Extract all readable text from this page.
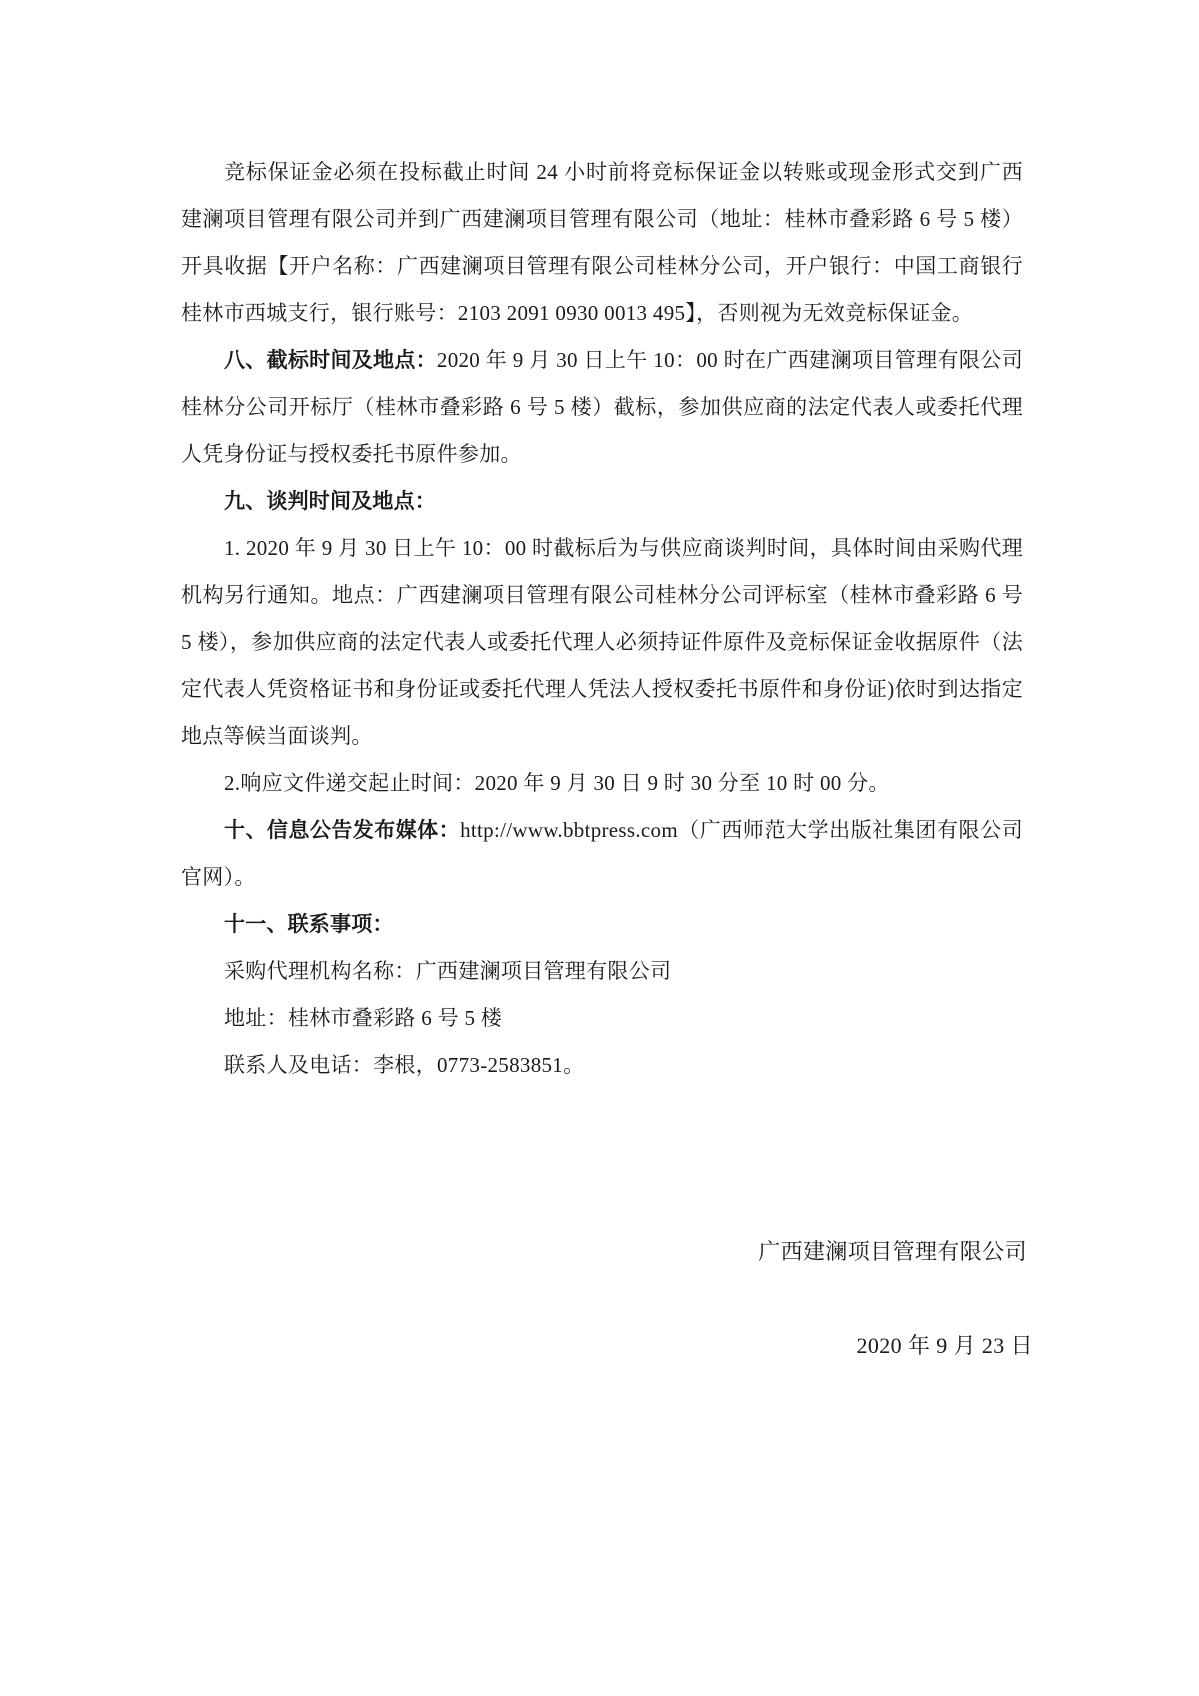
竞标保证金必须在投标截止时间 24 小时前将竞标保证金以转账或现金形式交到广西建澜项目管理有限公司并到广西建澜项目管理有限公司（地址：桂林市叠彩路 6 号 5 楼）开具收据【开户名称：广西建澜项目管理有限公司桂林分公司，开户银行：中国工商银行桂林市西城支行，银行账号：2103 2091 0930 0013 495】，否则视为无效竞标保证金。

八、截标时间及地点：2020 年 9 月 30 日上午 10：00 时在广西建澜项目管理有限公司桂林分公司开标厅（桂林市叠彩路 6 号 5 楼）截标，参加供应商的法定代表人或委托代理人凭身份证与授权委托书原件参加。

九、谈判时间及地点：

1. 2020 年 9 月 30 日上午 10：00 时截标后为与供应商谈判时间，具体时间由采购代理机构另行通知。地点：广西建澜项目管理有限公司桂林分公司评标室（桂林市叠彩路 6 号 5 楼），参加供应商的法定代表人或委托代理人必须持证件原件及竞标保证金收据原件（法定代表人凭资格证书和身份证或委托代理人凭法人授权委托书原件和身份证)依时到达指定地点等候当面谈判。

2.响应文件递交起止时间：2020 年 9 月 30 日 9 时 30 分至 10 时 00 分。

十、信息公告发布媒体：http://www.bbtpress.com（广西师范大学出版社集团有限公司官网）。

十一、联系事项：

采购代理机构名称：广西建澜项目管理有限公司

地址：桂林市叠彩路 6 号 5 楼

联系人及电话：李根，0773-2583851。

广西建澜项目管理有限公司
2020 年 9 月 23 日
